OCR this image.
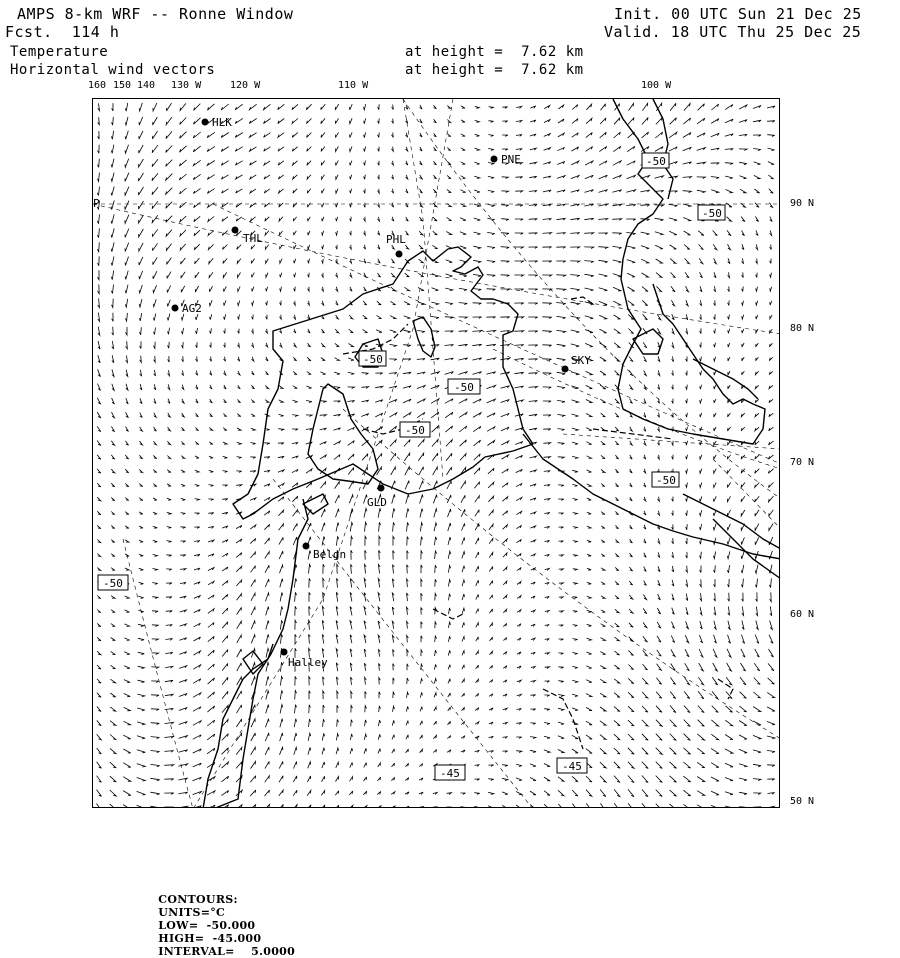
AMPS 8-km WRF -- Ronne Window
Fcst.  114 h
Temperature
Horizontal wind vectors
at height =  7.62 km
at height =  7.62 km
Init. 00 UTC Sun 21 Dec 25
Valid. 18 UTC Thu 25 Dec 25
160 150 140 130 W	120 W	110 W	100 W
90 N
80 N
70 N
60 N
50 N
HLK
PNE
THL	PHL
AG2
SKY
GLD
Belgn
Halley
P
-50
-50
-50
-50
-50
-50
-50
-45
-45

CONTOURS:
UNITS=°C
LOW=  -50.000
HIGH=  -45.000
INTERVAL=    5.0000
